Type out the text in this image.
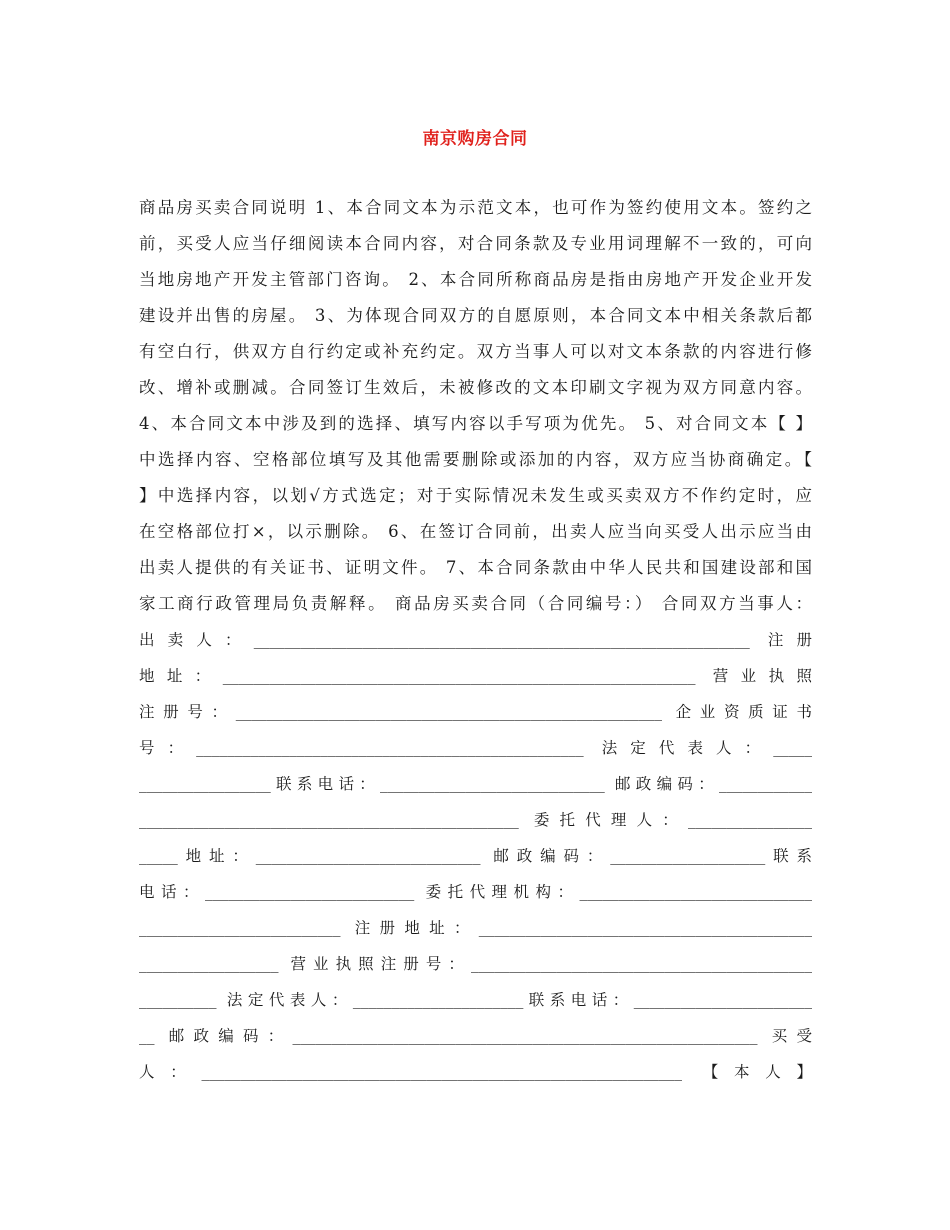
南京购房合同
商品房买卖合同说明 1、本合同文本为示范文本，也可作为签约使用文本。签约之
前，买受人应当仔细阅读本合同内容，对合同条款及专业用词理解不一致的，可向
当地房地产开发主管部门咨询。 2、本合同所称商品房是指由房地产开发企业开发
建设并出售的房屋。 3、为体现合同双方的自愿原则，本合同文本中相关条款后都
有空白行，供双方自行约定或补充约定。双方当事人可以对文本条款的内容进行修
改、增补或删减。合同签订生效后，未被修改的文本印刷文字视为双方同意内容。
4、本合同文本中涉及到的选择、填写内容以手写项为优先。 5、对合同文本【 】
中选择内容、空格部位填写及其他需要删除或添加的内容，双方应当协商确定。【
】中选择内容，以划√方式选定；对于实际情况未发生或买卖双方不作约定时，应
在空格部位打×，以示删除。 6、在签订合同前，出卖人应当向买受人出示应当由
出卖人提供的有关证书、证明文件。 7、本合同条款由中华人民共和国建设部和国
家工商行政管理局负责解释。 商品房买卖合同（合同编号：） 合同双方当事人：
出卖人：________________________________________________________________ 注册
地址：_____________________________________________________________ 营业执照
注册号：_______________________________________________________ 企业资质证书
号：__________________________________________________ 法定代表人：_____
_________________联系电话：_____________________________ 邮政编码：____________
_________________________________________________ 委托代理人：________________
_____地址：_____________________________ 邮政编码：____________________联系
电话：___________________________ 委托代理机构：______________________________
__________________________ 注册地址：___________________________________________
__________________ 营业执照注册号：____________________________________________
__________ 法定代表人：______________________联系电话：_______________________
__ 邮政编码：____________________________________________________________ 买受
人：______________________________________________________________ 【本人】
